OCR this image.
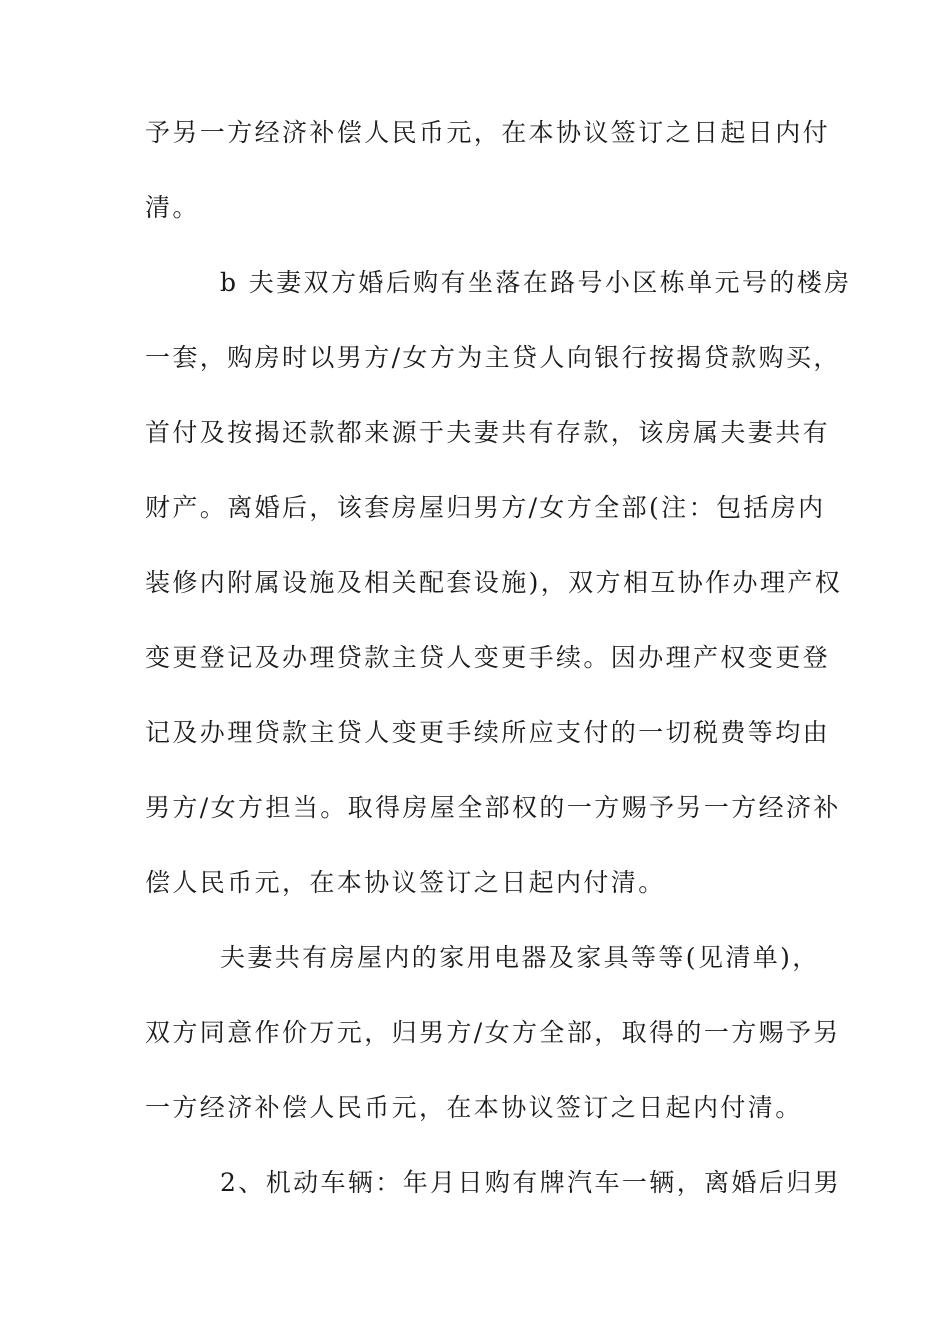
予另一方经济补偿人民币元，在本协议签订之日起日内付
清。
b 夫妻双方婚后购有坐落在路号小区栋单元号的楼房
一套，购房时以男方/女方为主贷人向银行按揭贷款购买，
首付及按揭还款都来源于夫妻共有存款，该房属夫妻共有
财产。离婚后，该套房屋归男方/女方全部(注：包括房内
装修内附属设施及相关配套设施)，双方相互协作办理产权
变更登记及办理贷款主贷人变更手续。因办理产权变更登
记及办理贷款主贷人变更手续所应支付的一切税费等均由
男方/女方担当。取得房屋全部权的一方赐予另一方经济补
偿人民币元，在本协议签订之日起内付清。
夫妻共有房屋内的家用电器及家具等等(见清单)，
双方同意作价万元，归男方/女方全部，取得的一方赐予另
一方经济补偿人民币元，在本协议签订之日起内付清。
2、机动车辆：年月日购有牌汽车一辆，离婚后归男
